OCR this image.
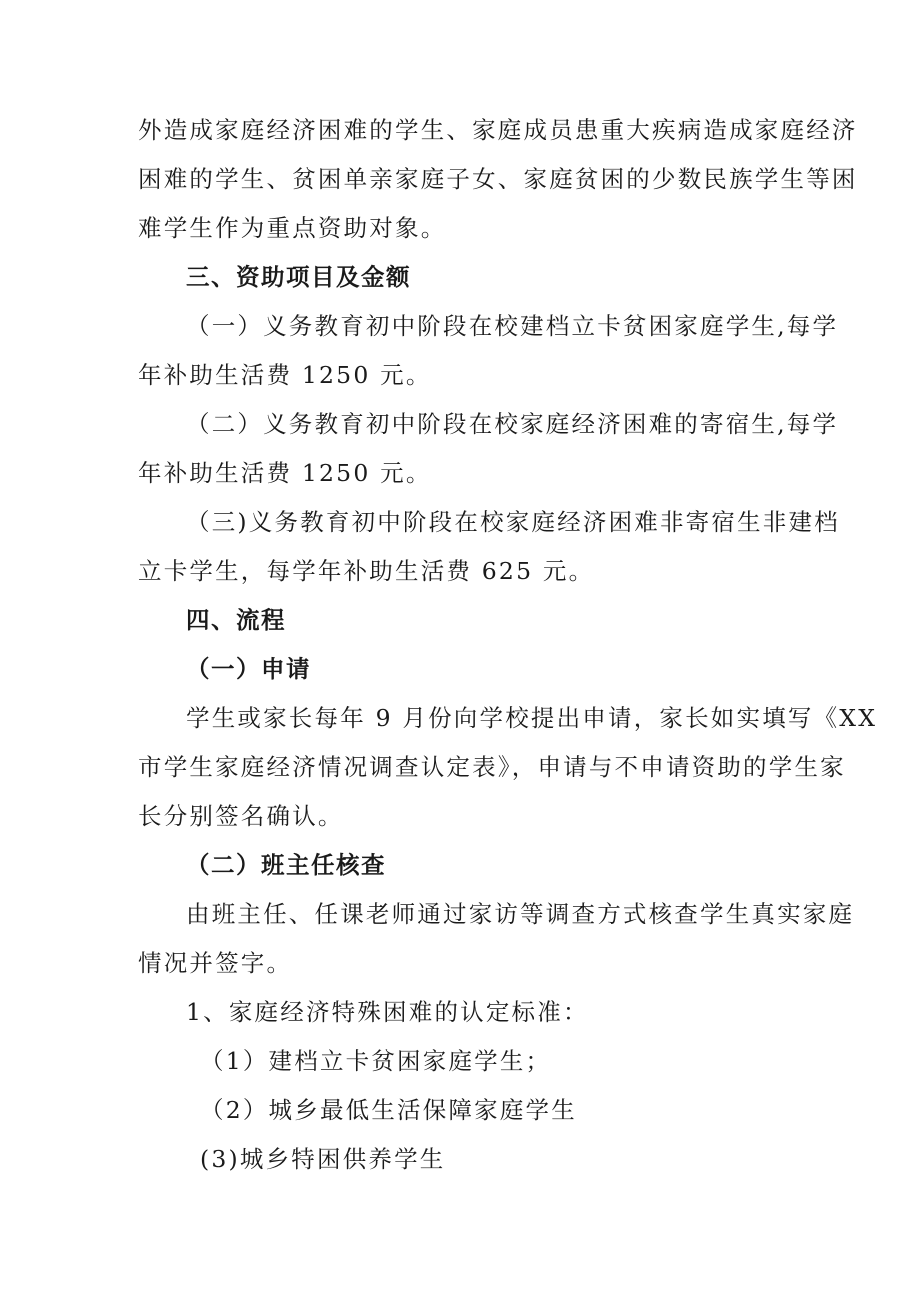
外造成家庭经济困难的学生、家庭成员患重大疾病造成家庭经济
困难的学生、贫困单亲家庭子女、家庭贫困的少数民族学生等困
难学生作为重点资助对象。
三、资助项目及金额
（一）义务教育初中阶段在校建档立卡贫困家庭学生,每学
年补助生活费 1250 元。
（二）义务教育初中阶段在校家庭经济困难的寄宿生,每学
年补助生活费 1250 元。
（三)义务教育初中阶段在校家庭经济困难非寄宿生非建档
立卡学生，每学年补助生活费 625 元。
四、流程
（一）申请
学生或家长每年 9 月份向学校提出申请，家长如实填写《XX
市学生家庭经济情况调查认定表》，申请与不申请资助的学生家
长分别签名确认。
（二）班主任核查
由班主任、任课老师通过家访等调查方式核查学生真实家庭
情况并签字。
1、家庭经济特殊困难的认定标准：
（1）建档立卡贫困家庭学生；
（2）城乡最低生活保障家庭学生
(3)城乡特困供养学生
